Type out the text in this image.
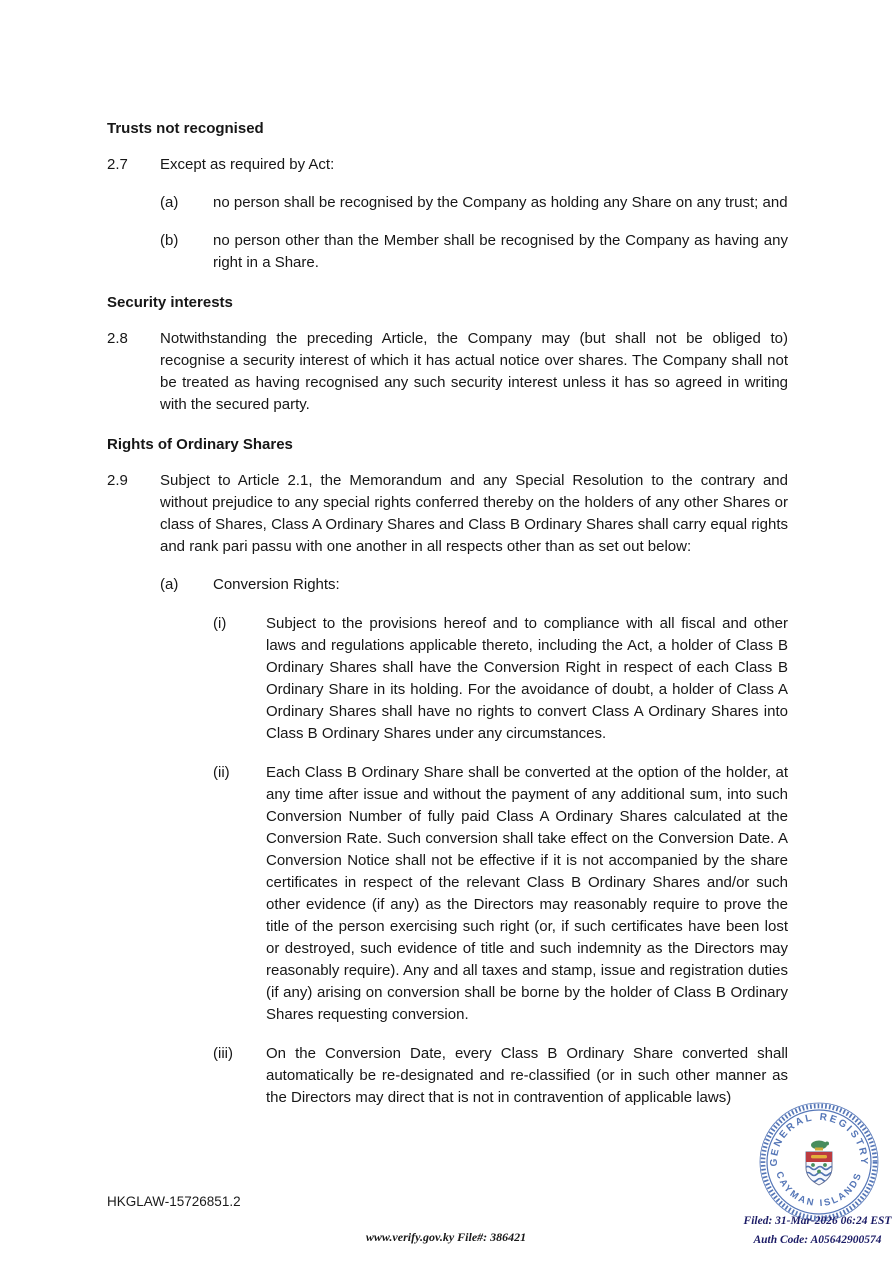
Trusts not recognised
2.7	Except as required by Act:
(a)	no person shall be recognised by the Company as holding any Share on any trust; and
(b)	no person other than the Member shall be recognised by the Company as having any right in a Share.
Security interests
2.8	Notwithstanding the preceding Article, the Company may (but shall not be obliged to) recognise a security interest of which it has actual notice over shares. The Company shall not be treated as having recognised any such security interest unless it has so agreed in writing with the secured party.
Rights of Ordinary Shares
2.9	Subject to Article 2.1, the Memorandum and any Special Resolution to the contrary and without prejudice to any special rights conferred thereby on the holders of any other Shares or class of Shares, Class A Ordinary Shares and Class B Ordinary Shares shall carry equal rights and rank pari passu with one another in all respects other than as set out below:
(a)	Conversion Rights:
(i)	Subject to the provisions hereof and to compliance with all fiscal and other laws and regulations applicable thereto, including the Act, a holder of Class B Ordinary Shares shall have the Conversion Right in respect of each Class B Ordinary Share in its holding. For the avoidance of doubt, a holder of Class A Ordinary Shares shall have no rights to convert Class A Ordinary Shares into Class B Ordinary Shares under any circumstances.
(ii)	Each Class B Ordinary Share shall be converted at the option of the holder, at any time after issue and without the payment of any additional sum, into such Conversion Number of fully paid Class A Ordinary Shares calculated at the Conversion Rate. Such conversion shall take effect on the Conversion Date. A Conversion Notice shall not be effective if it is not accompanied by the share certificates in respect of the relevant Class B Ordinary Shares and/or such other evidence (if any) as the Directors may reasonably require to prove the title of the person exercising such right (or, if such certificates have been lost or destroyed, such evidence of title and such indemnity as the Directors may reasonably require). Any and all taxes and stamp, issue and registration duties (if any) arising on conversion shall be borne by the holder of Class B Ordinary Shares requesting conversion.
(iii)	On the Conversion Date, every Class B Ordinary Share converted shall automatically be re-designated and re-classified (or in such other manner as the Directors may direct that is not in contravention of applicable laws)
GENERAL REGISTRY
CAYMAN ISLANDS
HKGLAW-15726851.2
www.verify.gov.ky File#: 386421
Filed: 31-Mar-2026 06:24 EST
Auth Code: A05642900574
